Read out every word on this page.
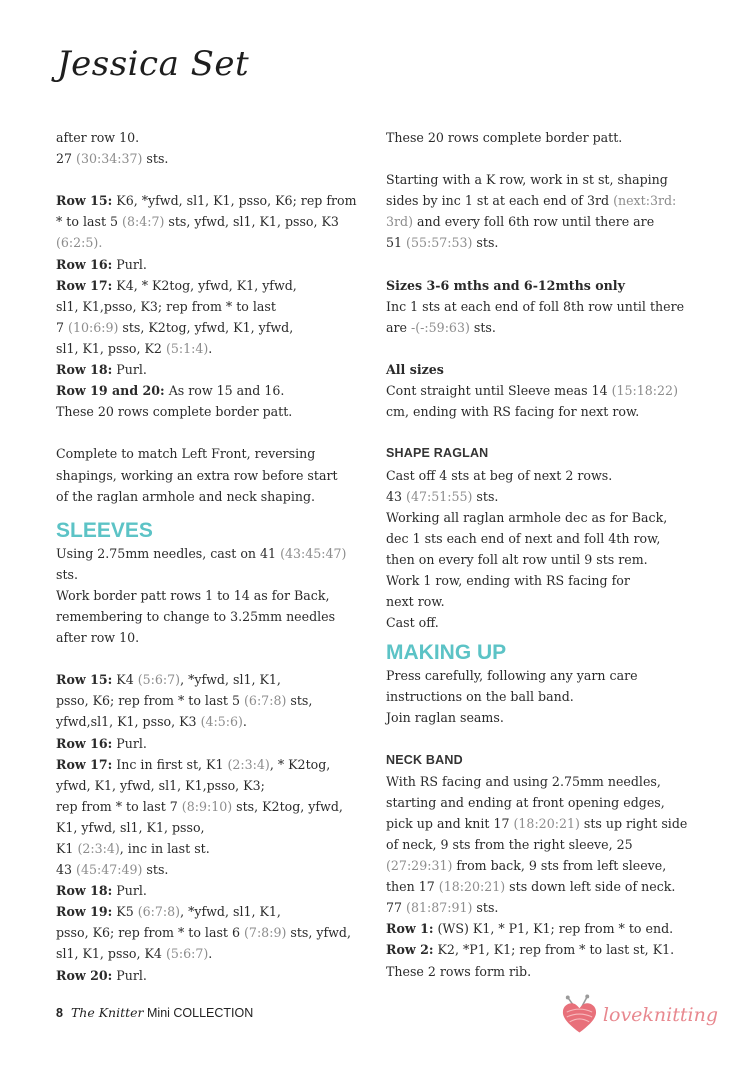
Jessica Set
after row 10.
27 (30:34:37) sts.
Row 15: K6, *yfwd, sl1, K1, psso, K6; rep from
* to last 5 (8:4:7) sts, yfwd, sl1, K1, psso, K3
(6:2:5).
Row 16: Purl.
Row 17: K4, * K2tog, yfwd, K1, yfwd,
sl1, K1,psso, K3; rep from * to last
7 (10:6:9) sts, K2tog, yfwd, K1, yfwd,
sl1, K1, psso, K2 (5:1:4).
Row 18: Purl.
Row 19 and 20: As row 15 and 16.
These 20 rows complete border patt.
Complete to match Left Front, reversing
shapings, working an extra row before start
of the raglan armhole and neck shaping.
SLEEVES
Using 2.75mm needles, cast on 41 (43:45:47)
sts.
Work border patt rows 1 to 14 as for Back,
remembering to change to 3.25mm needles
after row 10.
Row 15: K4 (5:6:7), *yfwd, sl1, K1,
psso, K6; rep from * to last 5 (6:7:8) sts,
yfwd,sl1, K1, psso, K3 (4:5:6).
Row 16: Purl.
Row 17: Inc in first st, K1 (2:3:4), * K2tog,
yfwd, K1, yfwd, sl1, K1,psso, K3;
rep from * to last 7 (8:9:10) sts, K2tog, yfwd,
K1, yfwd, sl1, K1, psso,
K1 (2:3:4), inc in last st.
43 (45:47:49) sts.
Row 18: Purl.
Row 19: K5 (6:7:8), *yfwd, sl1, K1,
psso, K6; rep from * to last 6 (7:8:9) sts, yfwd,
sl1, K1, psso, K4 (5:6:7).
Row 20: Purl.
These 20 rows complete border patt.
Starting with a K row, work in st st, shaping
sides by inc 1 st at each end of 3rd (next:3rd:
3rd) and every foll 6th row until there are
51 (55:57:53) sts.
Sizes 3-6 mths and 6-12mths only
Inc 1 sts at each end of foll 8th row until there
are -(-:59:63) sts.
All sizes
Cont straight until Sleeve meas 14 (15:18:22)
cm, ending with RS facing for next row.
SHAPE RAGLAN
Cast off 4 sts at beg of next 2 rows.
43 (47:51:55) sts.
Working all raglan armhole dec as for Back,
dec 1 sts each end of next and foll 4th row,
then on every foll alt row until 9 sts rem.
Work 1 row, ending with RS facing for
next row.
Cast off.
MAKING UP
Press carefully, following any yarn care
instructions on the ball band.
Join raglan seams.
NECK BAND
With RS facing and using 2.75mm needles,
starting and ending at front opening edges,
pick up and knit 17 (18:20:21) sts up right side
of neck, 9 sts from the right sleeve, 25
(27:29:31) from back, 9 sts from left sleeve,
then 17 (18:20:21) sts down left side of neck.
77 (81:87:91) sts.
Row 1: (WS) K1, * P1, K1; rep from * to end.
Row 2: K2, *P1, K1; rep from * to last st, K1.
These 2 rows form rib.
8 The Knitter Mini COLLECTION	loveknitting
